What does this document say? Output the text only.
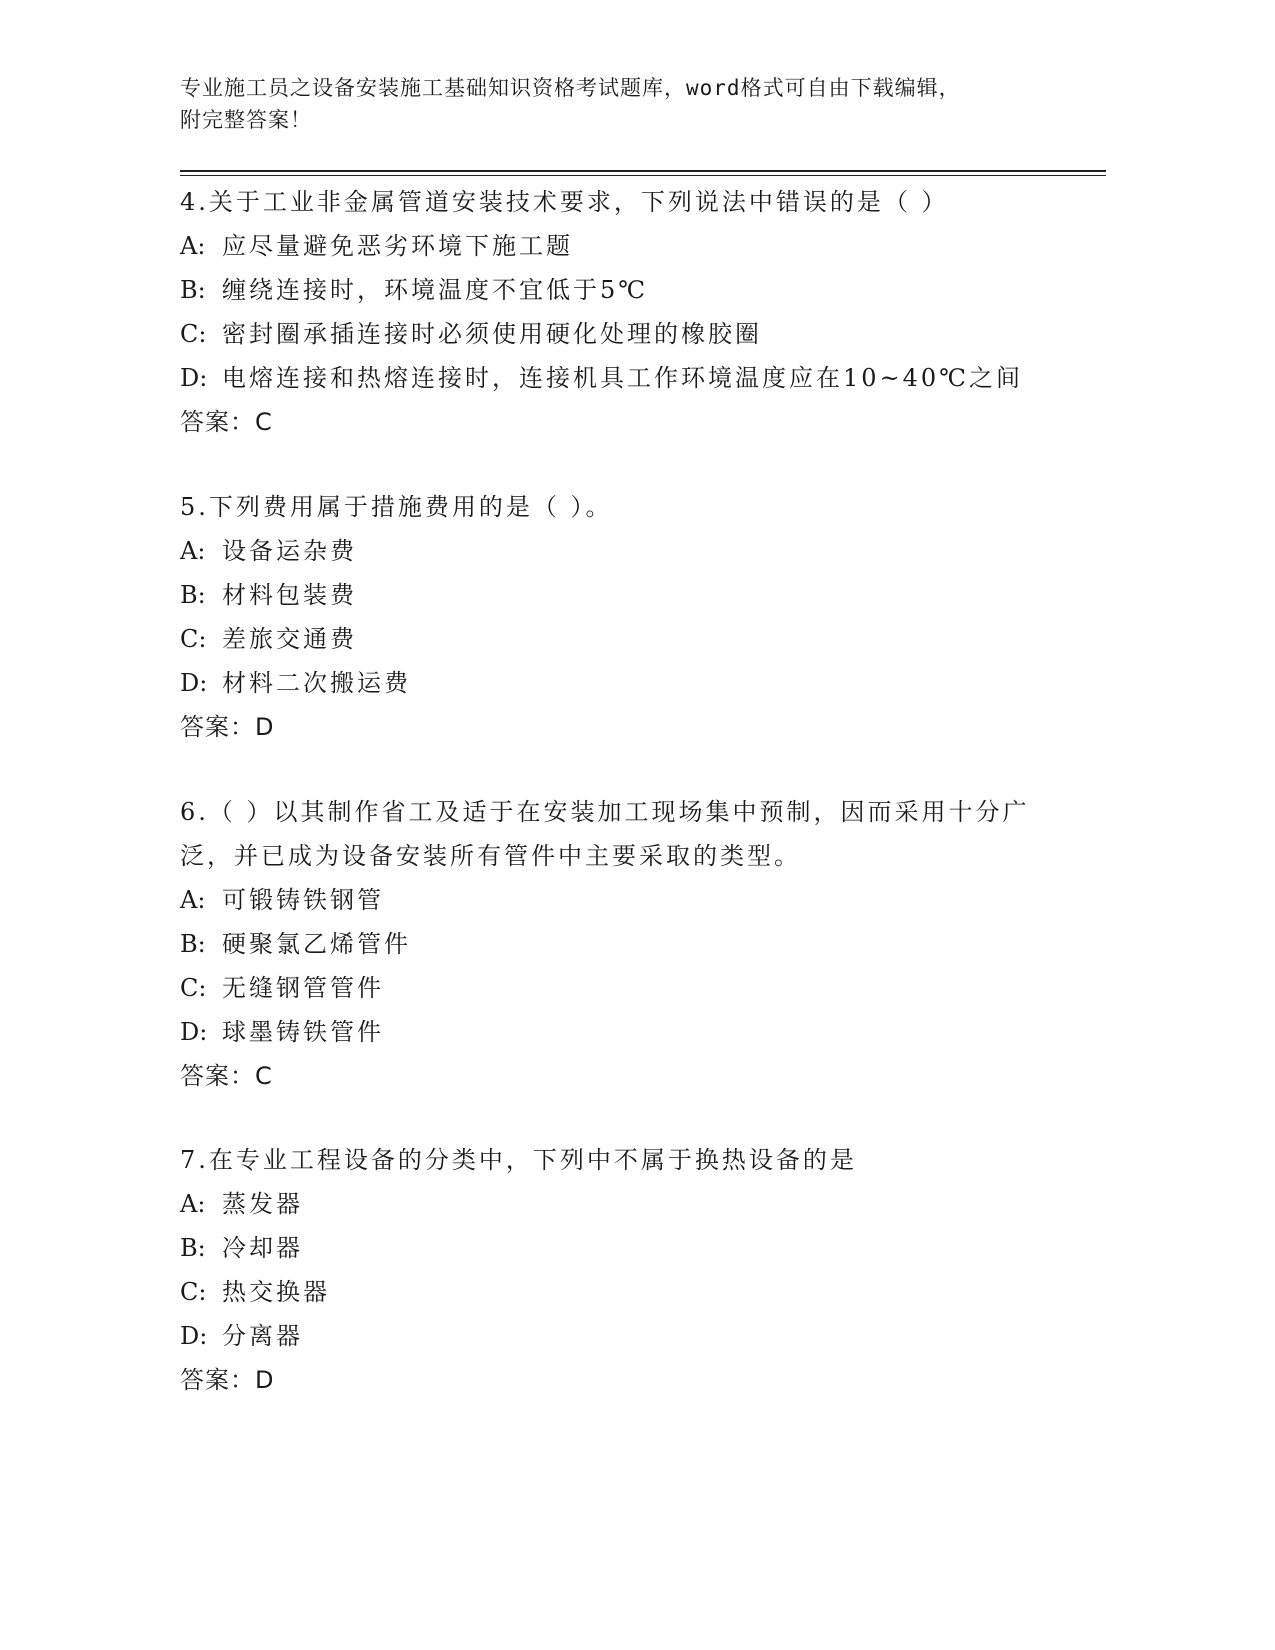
专业施工员之设备安装施工基础知识资格考试题库，word格式可自由下载编辑，
附完整答案！

4.关于工业非金属管道安装技术要求，下列说法中错误的是（ ）

A: 应尽量避免恶劣环境下施工题

B: 缠绕连接时，环境温度不宜低于5℃

C: 密封圈承插连接时必须使用硬化处理的橡胶圈

D: 电熔连接和热熔连接时，连接机具工作环境温度应在10~40℃之间

答案：C

5.下列费用属于措施费用的是（ ）。

A: 设备运杂费

B: 材料包装费

C: 差旅交通费

D: 材料二次搬运费

答案：D

6.（ ）以其制作省工及适于在安装加工现场集中预制，因而采用十分广泛，并已成为设备安装所有管件中主要采取的类型。

A: 可锻铸铁钢管

B: 硬聚氯乙烯管件

C: 无缝钢管管件

D: 球墨铸铁管件

答案：C

7.在专业工程设备的分类中，下列中不属于换热设备的是

A: 蒸发器

B: 冷却器

C: 热交换器

D: 分离器

答案：D
